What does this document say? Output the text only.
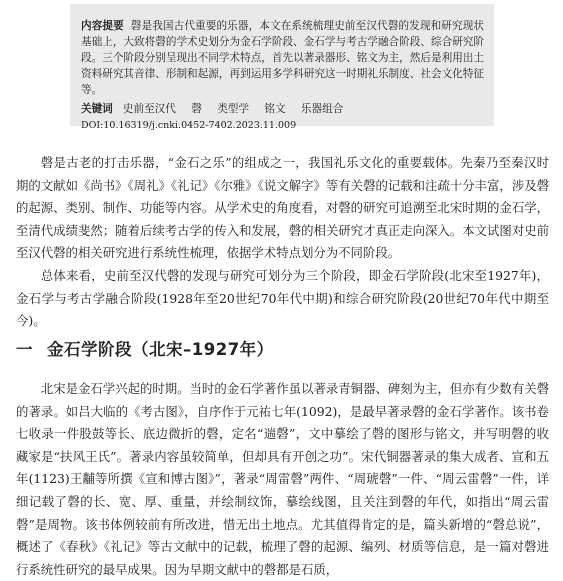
内容提要 磬是我国古代重要的乐器，本文在系统梳理史前至汉代磬的发现和研究现状基础上，大致将磬的学术史划分为金石学阶段、金石学与考古学融合阶段、综合研究阶段。三个阶段分别呈现出不同学术特点，首先以著录器形、铭文为主，然后是利用出土资料研究其音律、形制和起源，再到运用多学科研究这一时期礼乐制度、社会文化特征等。
关键词 史前至汉代 磬 类型学 铭文 乐器组合
DOI:10.16319/j.cnki.0452-7402.2023.11.009

磬是古老的打击乐器，“金石之乐”的组成之一，我国礼乐文化的重要载体。先秦乃至秦汉时期的文献如《尚书》《周礼》《礼记》《尔雅》《说文解字》等有关磬的记载和注疏十分丰富，涉及磬的起源、类别、制作、功能等内容。从学术史的角度看，对磬的研究可追溯至北宋时期的金石学，至清代成绩斐然；随着后续考古学的传入和发展，磬的相关研究才真正走向深入。本文试图对史前至汉代磬的相关研究进行系统性梳理，依据学术特点划分为不同阶段。

总体来看，史前至汉代磬的发现与研究可划分为三个阶段，即金石学阶段(北宋至1927年)，金石学与考古学融合阶段(1928年至20世纪70年代中期)和综合研究阶段(20世纪70年代中期至今)。

一 金石学阶段（北宋–1927年）

北宋是金石学兴起的时期。当时的金石学著作虽以著录青铜器、碑刻为主，但亦有少数有关磬的著录。如吕大临的《考古图》，自序作于元祐七年(1092)，是最早著录磬的金石学著作。该书卷七收录一件股鼓等长、底边微折的磬，定名“遄磬”，文中摹绘了磬的图形与铭文，并写明磬的收藏家是“扶风王氏”。著录内容虽较简单，但却具有开创之功”。宋代铜器著录的集大成者、宣和五年(1123)王黼等所撰《宣和博古图》”，著录“周雷磬”两件、“周琥磬”一件、“周云雷磬”一件，详细记载了磬的长、宽、厚、重量，并绘制纹饰，摹绘线图，且关注到磬的年代，如指出“周云雷磬”是周物。该书体例较前有所改进，惜无出土地点。尤其值得肯定的是，篇头新增的“磬总说”，概述了《春秋》《礼记》等古文献中的记载，梳理了磬的起源、编列、材质等信息，是一篇对磬进行系统性研究的最早成果。因为早期文献中的磬都是石质，
